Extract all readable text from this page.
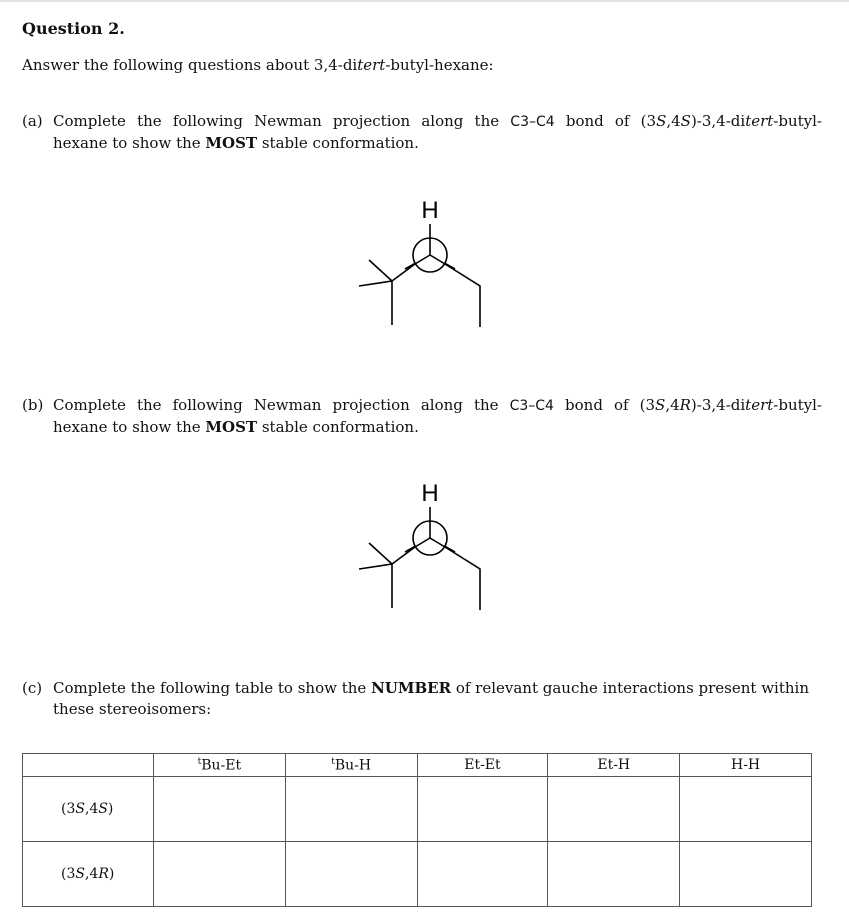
Question 2.
Answer the following questions about 3,4-ditert-butyl-hexane:
(a) Complete the following Newman projection along the C3–C4 bond of (3S,4S)-3,4-ditert-butyl-
hexane to show the MOST stable conformation.
H
(b) Complete the following Newman projection along the C3–C4 bond of (3S,4R)-3,4-ditert-butyl-
hexane to show the MOST stable conformation.
H
(c) Complete the following table to show the NUMBER of relevant gauche interactions present within these stereoisomers:
	$^t$Bu-Et	$^t$Bu-H	Et-Et	Et-H	H-H
(3S,4S)					
(3S,4R)					
